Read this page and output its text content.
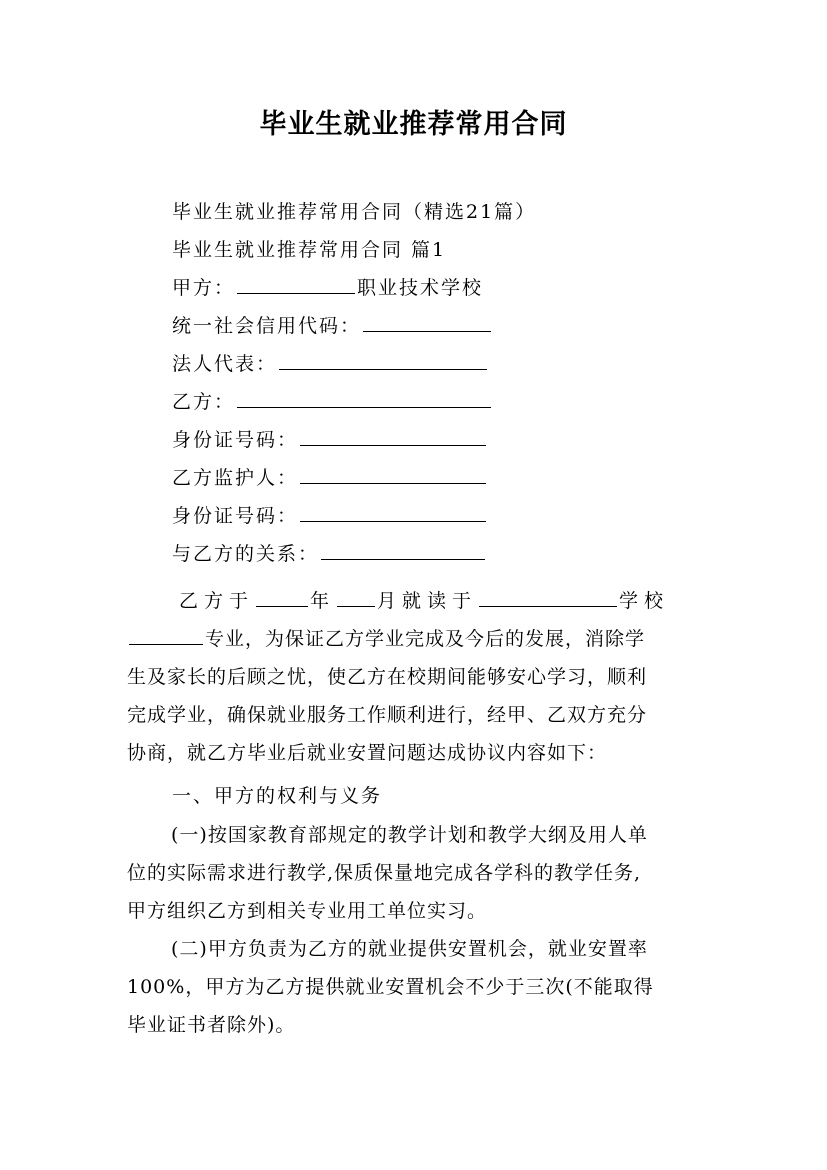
毕业生就业推荐常用合同
毕业生就业推荐常用合同（精选21篇）
毕业生就业推荐常用合同 篇1
甲方：	职业技术学校
统一社会信用代码：
法人代表：
乙方：
身份证号码：
乙方监护人：
身份证号码：
与乙方的关系：
乙方于	年 月就读于	学校
专业，为保证乙方学业完成及今后的发展，消除学
生及家长的后顾之忧，使乙方在校期间能够安心学习，顺利
完成学业，确保就业服务工作顺利进行，经甲、乙双方充分
协商，就乙方毕业后就业安置问题达成协议内容如下：
一、甲方的权利与义务
(一)按国家教育部规定的教学计划和教学大纲及用人单
位的实际需求进行教学,保质保量地完成各学科的教学任务,
甲方组织乙方到相关专业用工单位实习。
(二)甲方负责为乙方的就业提供安置机会，就业安置率
100%，甲方为乙方提供就业安置机会不少于三次(不能取得
毕业证书者除外)。
